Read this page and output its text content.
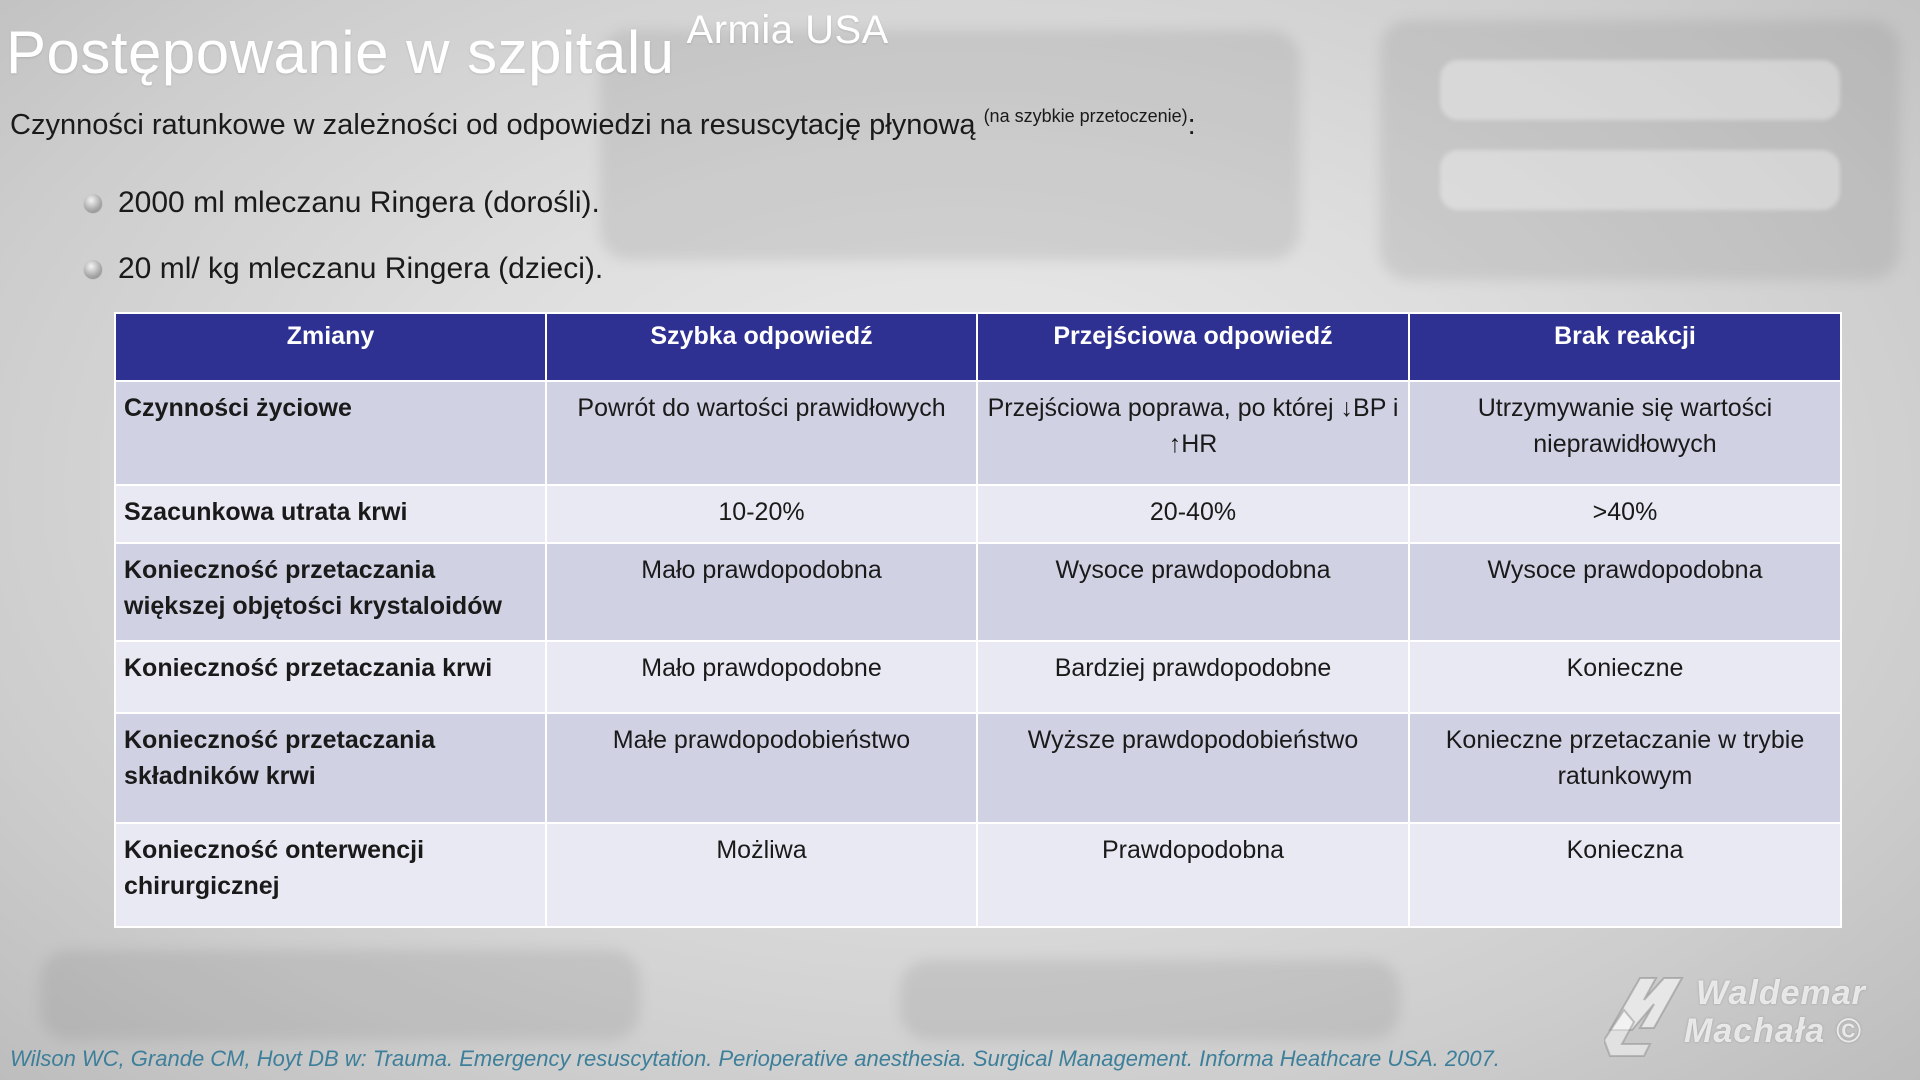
Postępowanie w szpitalu $^{Armia USA}$
Czynności ratunkowe w zależności od odpowiedzi na resuscytację płynową $^{(na szybkie przetoczenie)}$:
2000 ml mleczanu Ringera (dorośli).
20 ml/ kg mleczanu Ringera (dzieci).
Zmiany	Szybka odpowiedź	Przejściowa odpowiedź	Brak reakcji
Czynności życiowe	Powrót do wartości prawidłowych	Przejściowa poprawa, po której ↓BP i ↑HR	Utrzymywanie się wartości nieprawidłowych
Szacunkowa utrata krwi	10-20%	20-40%	>40%
Konieczność przetaczania większej objętości krystaloidów	Mało prawdopodobna	Wysoce prawdopodobna	Wysoce prawdopodobna
Konieczność przetaczania krwi	Mało prawdopodobne	Bardziej prawdopodobne	Konieczne
Konieczność przetaczania składników krwi	Małe prawdopodobieństwo	Wyższe prawdopodobieństwo	Konieczne przetaczanie w trybie ratunkowym
Konieczność onterwencji chirurgicznej	Możliwa	Prawdopodobna	Konieczna
Wilson WC, Grande CM, Hoyt DB w: Trauma. Emergency resuscytation. Perioperative anesthesia. Surgical Management. Informa Heathcare USA. 2007.
Waldemar
Machała ©
